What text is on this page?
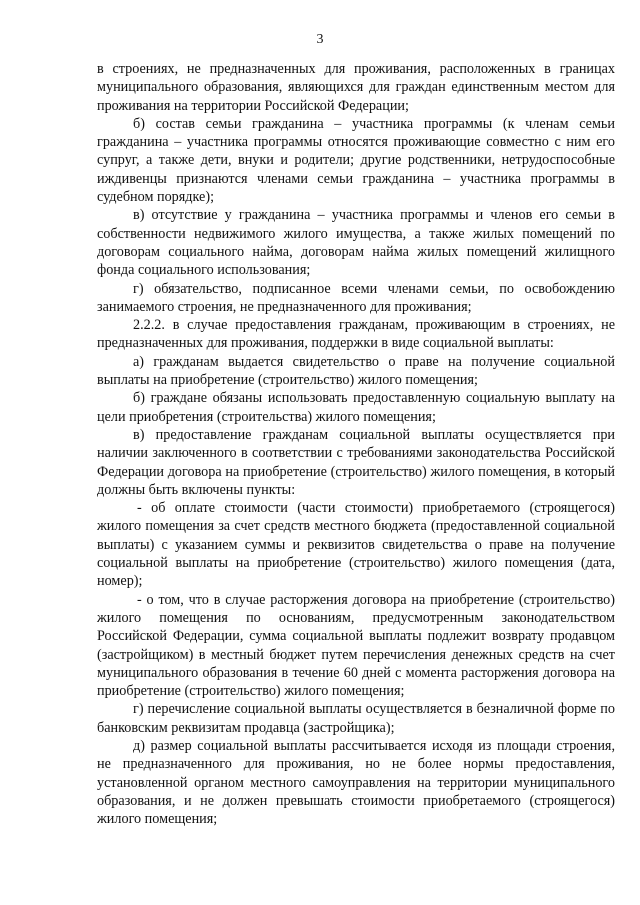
3

в строениях, не предназначенных для проживания, расположенных в границах муниципального образования, являющихся для граждан единственным местом для проживания на территории Российской Федерации;

б) состав семьи гражданина – участника программы (к членам семьи гражданина – участника программы относятся проживающие совместно с ним его супруг, а также дети, внуки и родители; другие родственники, нетрудоспособные иждивенцы признаются членами семьи гражданина – участника программы в судебном порядке);

в) отсутствие у гражданина – участника программы и членов его семьи в собственности недвижимого жилого имущества, а также жилых помещений по договорам социального найма, договорам найма жилых помещений жилищного фонда социального использования;

г) обязательство, подписанное всеми членами семьи, по освобождению занимаемого строения, не предназначенного для проживания;

2.2.2. в случае предоставления гражданам, проживающим в строениях, не предназначенных для проживания, поддержки в виде социальной выплаты:

а) гражданам выдается свидетельство о праве на получение социальной выплаты на приобретение (строительство) жилого помещения;

б) граждане обязаны использовать предоставленную социальную выплату на цели приобретения (строительства) жилого помещения;

в) предоставление гражданам социальной выплаты осуществляется при наличии заключенного в соответствии с требованиями законодательства Российской Федерации договора на приобретение (строительство) жилого помещения, в который должны быть включены пункты:

- об оплате стоимости (части стоимости) приобретаемого (строящегося) жилого помещения за счет средств местного бюджета (предоставленной социальной выплаты) с указанием суммы и реквизитов свидетельства о праве на получение социальной выплаты на приобретение (строительство) жилого помещения (дата, номер);

- о том, что в случае расторжения договора на приобретение (строительство) жилого помещения по основаниям, предусмотренным законодательством Российской Федерации, сумма социальной выплаты подлежит возврату продавцом (застройщиком) в местный бюджет путем перечисления денежных средств на счет муниципального образования в течение 60 дней с момента расторжения договора на приобретение (строительство) жилого помещения;

г) перечисление социальной выплаты осуществляется в безналичной форме по банковским реквизитам продавца (застройщика);

д) размер социальной выплаты рассчитывается исходя из площади строения, не предназначенного для проживания, но не более нормы предоставления, установленной органом местного самоуправления на территории муниципального образования, и не должен превышать стоимости приобретаемого (строящегося) жилого помещения;
